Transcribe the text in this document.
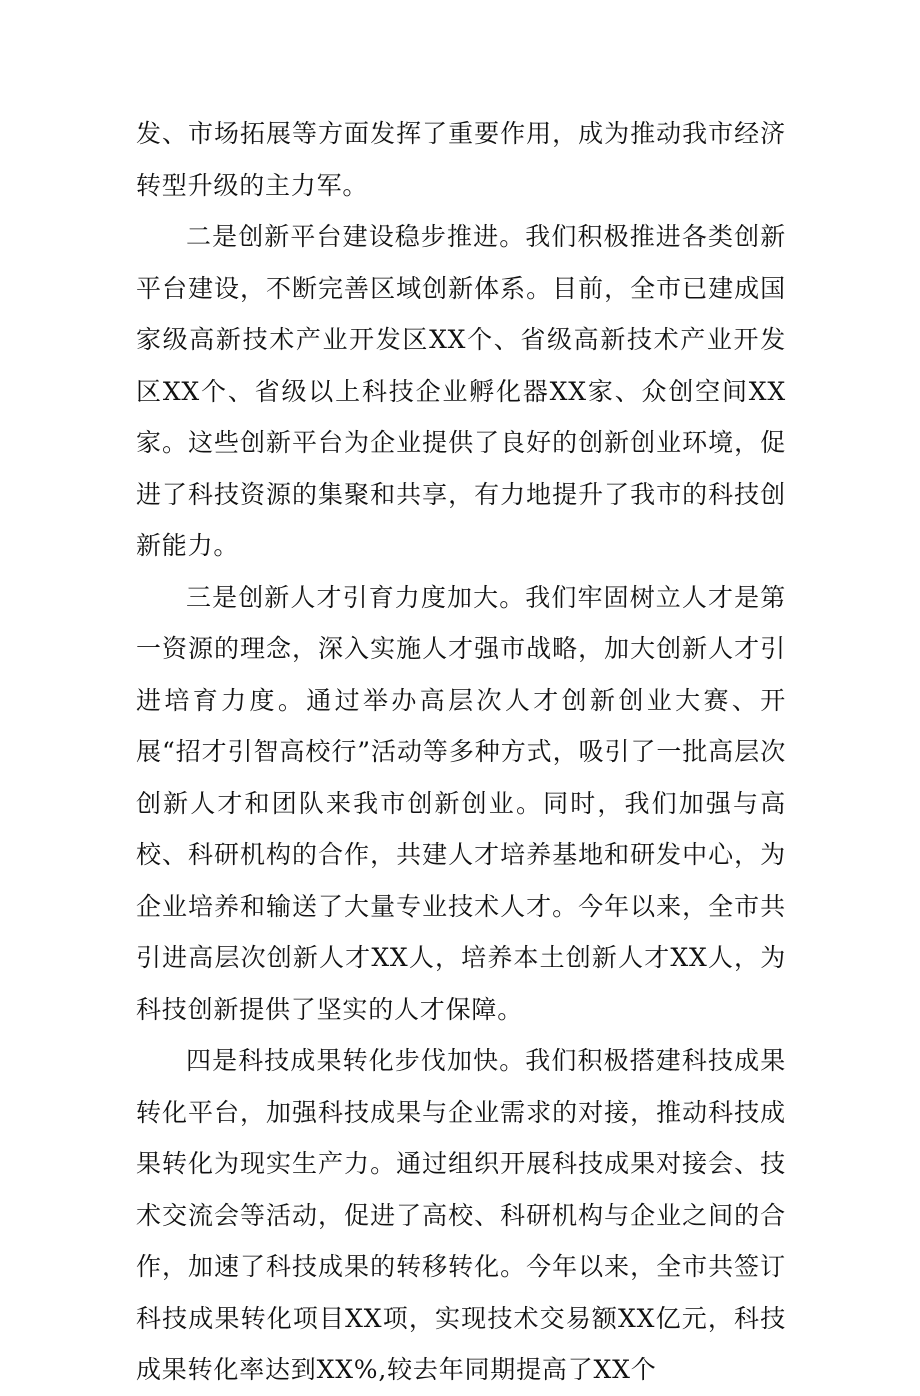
发、市场拓展等方面发挥了重要作用，成为推动我市经济转型升级的主力军。

二是创新平台建设稳步推进。我们积极推进各类创新平台建设，不断完善区域创新体系。目前，全市已建成国家级高新技术产业开发区XX个、省级高新技术产业开发区XX个、省级以上科技企业孵化器XX家、众创空间XX家。这些创新平台为企业提供了良好的创新创业环境，促进了科技资源的集聚和共享，有力地提升了我市的科技创新能力。

三是创新人才引育力度加大。我们牢固树立人才是第一资源的理念，深入实施人才强市战略，加大创新人才引进培育力度。通过举办高层次人才创新创业大赛、开展“招才引智高校行”活动等多种方式，吸引了一批高层次创新人才和团队来我市创新创业。同时，我们加强与高校、科研机构的合作，共建人才培养基地和研发中心，为企业培养和输送了大量专业技术人才。今年以来，全市共引进高层次创新人才XX人，培养本土创新人才XX人，为科技创新提供了坚实的人才保障。

四是科技成果转化步伐加快。我们积极搭建科技成果转化平台，加强科技成果与企业需求的对接，推动科技成果转化为现实生产力。通过组织开展科技成果对接会、技术交流会等活动，促进了高校、科研机构与企业之间的合作，加速了科技成果的转移转化。今年以来，全市共签订科技成果转化项目XX项，实现技术交易额XX亿元，科技成果转化率达到XX%,较去年同期提高了XX个
